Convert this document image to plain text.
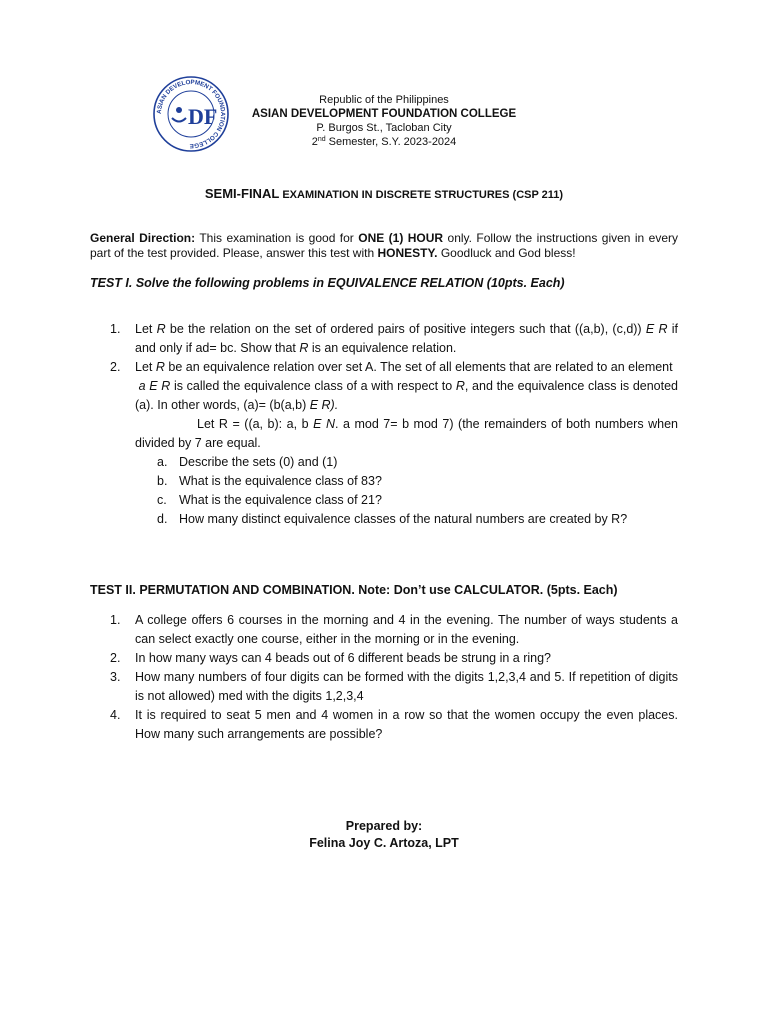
ASIAN DEVELOPMENT FOUNDATION COLLEGE
DF
Republic of the Philippines
ASIAN DEVELOPMENT FOUNDATION COLLEGE
P. Burgos St., Tacloban City
2nd Semester, S.Y. 2023-2024
SEMI-FINAL EXAMINATION IN DISCRETE STRUCTURES (CSP 211)
General Direction: This examination is good for ONE (1) HOUR only. Follow the instructions given in every part of the test provided. Please, answer this test with HONESTY. Goodluck and God bless!
TEST I. Solve the following problems in EQUIVALENCE RELATION (10pts. Each)
1. Let R be the relation on the set of ordered pairs of positive integers such that ((a,b), (c,d)) E R if and only if ad= bc. Show that R is an equivalence relation.
2. Let R be an equivalence relation over set A. The set of all elements that are related to an element
a E R is called the equivalence class of a with respect to R, and the equivalence class is denoted (a). In other words, (a)= (b(a,b) E R).
Let R = ((a, b): a, b E N. a mod 7= b mod 7) (the remainders of both numbers when divided by 7 are equal.
a. Describe the sets (0) and (1)
b. What is the equivalence class of 83?
c. What is the equivalence class of 21?
d. How many distinct equivalence classes of the natural numbers are created by R?
TEST II. PERMUTATION AND COMBINATION. Note: Don’t use CALCULATOR. (5pts. Each)
1. A college offers 6 courses in the morning and 4 in the evening. The number of ways students a can select exactly one course, either in the morning or in the evening.
2. In how many ways can 4 beads out of 6 different beads be strung in a ring?
3. How many numbers of four digits can be formed with the digits 1,2,3,4 and 5. If repetition of digits is not allowed) med with the digits 1,2,3,4
4. It is required to seat 5 men and 4 women in a row so that the women occupy the even places. How many such arrangements are possible?
Prepared by:
Felina Joy C. Artoza, LPT
